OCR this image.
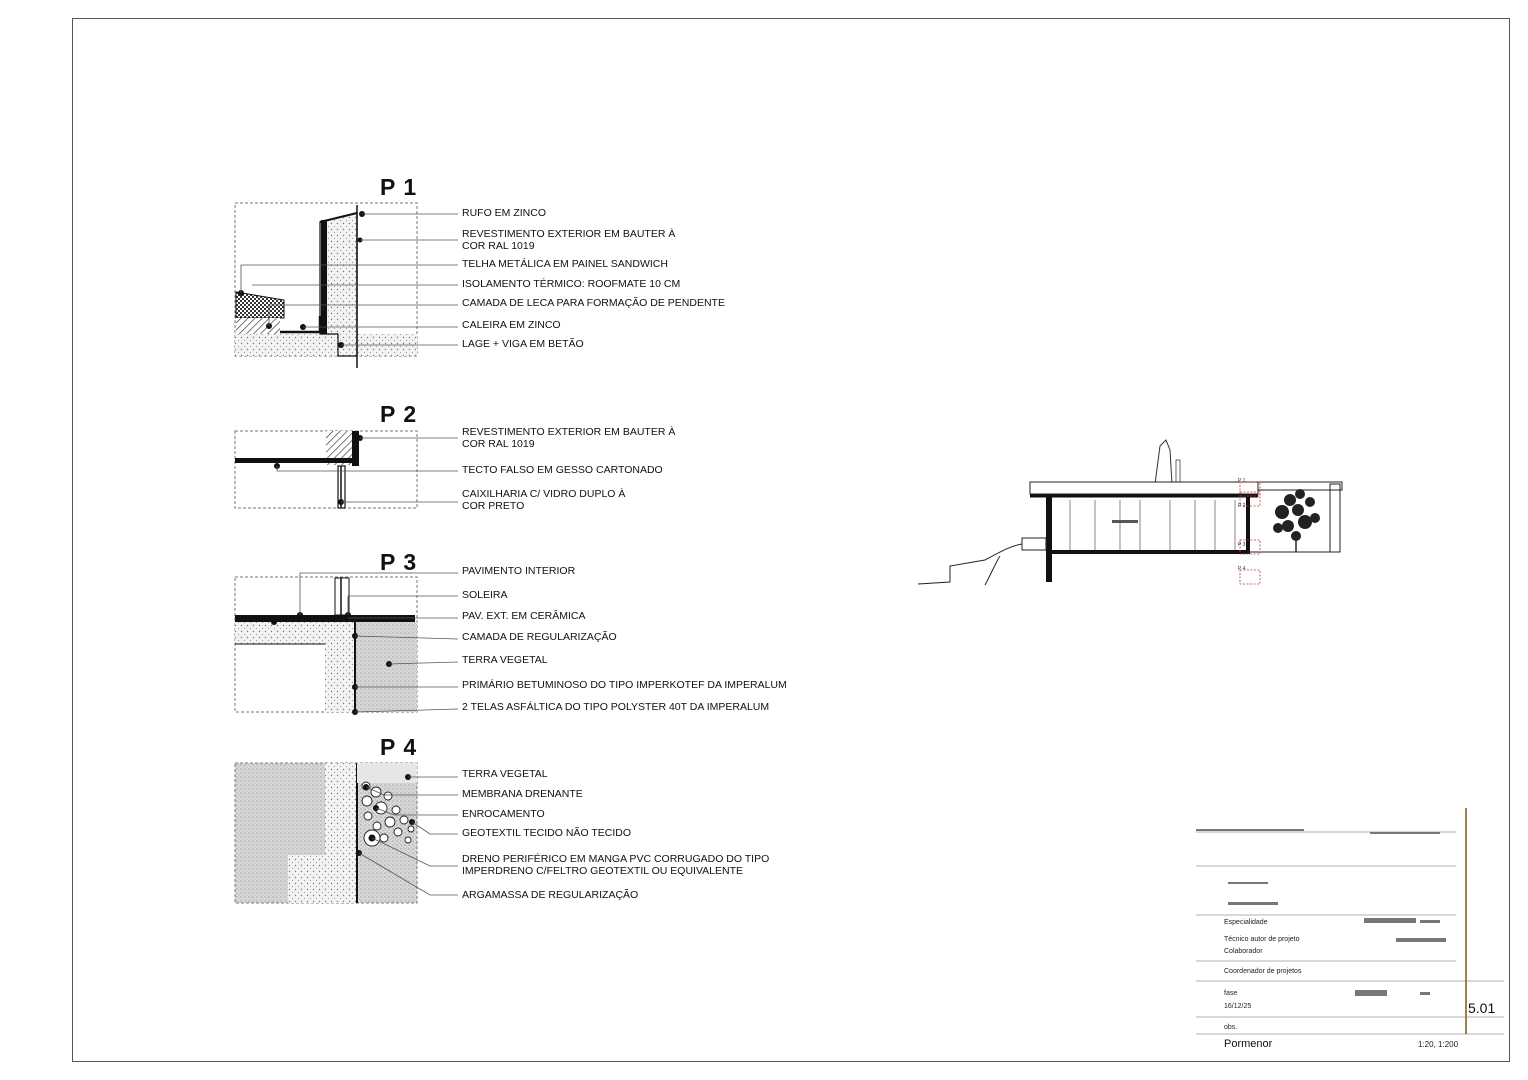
P 1
P 2
P 3
P 4
RUFO EM ZINCO
REVESTIMENTO EXTERIOR EM BAUTER À
COR RAL 1019
TELHA METÁLICA EM PAINEL SANDWICH
ISOLAMENTO TÉRMICO: ROOFMATE 10 CM
CAMADA DE LECA PARA FORMAÇÃO DE PENDENTE
CALEIRA EM ZINCO
LAGE + VIGA EM BETÃO
REVESTIMENTO EXTERIOR EM BAUTER À
COR RAL 1019
TECTO FALSO EM GESSO CARTONADO
CAIXILHARIA C/ VIDRO DUPLO À
COR PRETO
PAVIMENTO INTERIOR
SOLEIRA
PAV. EXT. EM CERÂMICA
CAMADA DE REGULARIZAÇÃO
TERRA VEGETAL
PRIMÁRIO BETUMINOSO DO TIPO IMPERKOTEF DA IMPERALUM
2 TELAS ASFÁLTICA DO TIPO POLYSTER 40T DA IMPERALUM
TERRA VEGETAL
MEMBRANA DRENANTE
ENROCAMENTO
GEOTEXTIL TECIDO NÃO TECIDO
DRENO PERIFÉRICO EM MANGA PVC CORRUGADO DO TIPO
IMPERDRENO C/FELTRO GEOTEXTIL OU EQUIVALENTE
ARGAMASSA DE REGULARIZAÇÃO
P 1
P 2
P 3
P 4
Especialidade
Técnico autor de projeto
Colaborador
Coordenador de projetos
fase
16/12/25
obs.
Pormenor	1:20, 1:200
5.01
